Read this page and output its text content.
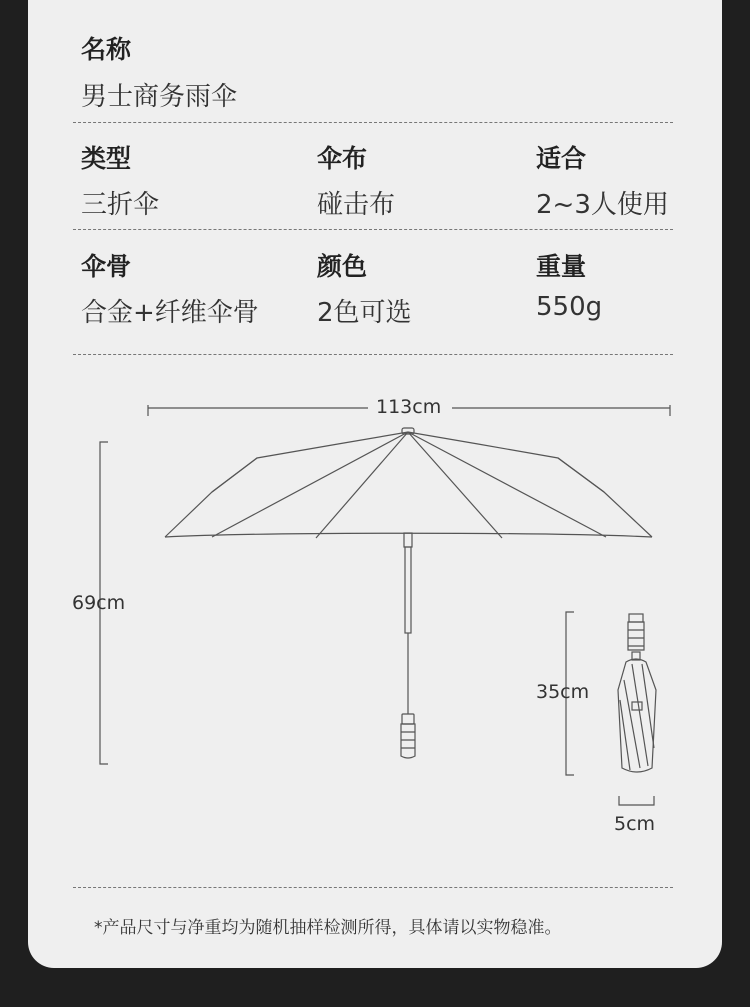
名称
男士商务雨伞
类型
三折伞
伞布
碰击布
适合
2~3人使用
伞骨
合金+纤维伞骨
颜色
2色可选
重量
550g
113cm
69cm
35cm
5cm
*产品尺寸与净重均为随机抽样检测所得，具体请以实物稳准。
